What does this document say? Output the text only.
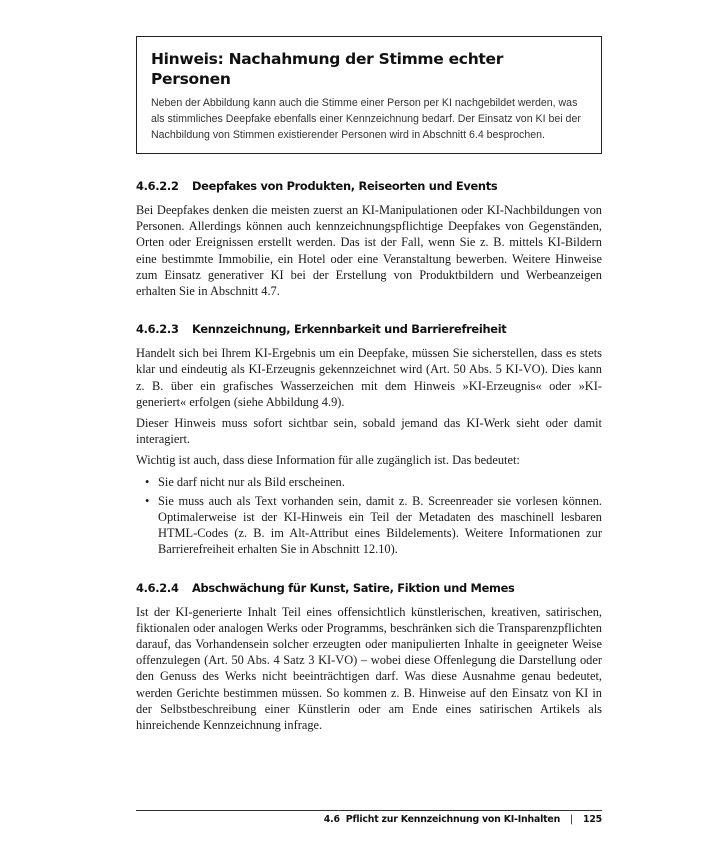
Hinweis: Nachahmung der Stimme echter Personen

Neben der Abbildung kann auch die Stimme einer Person per KI nachgebildet werden, was als stimmliches Deepfake ebenfalls einer Kennzeichnung bedarf. Der Einsatz von KI bei der Nachbildung von Stimmen existierender Personen wird in Abschnitt 6.4 besprochen.

4.6.2.2	Deepfakes von Produkten, Reiseorten und Events

Bei Deepfakes denken die meisten zuerst an KI-Manipulationen oder KI-Nachbildungen von Personen. Allerdings können auch kennzeichnungspflichtige Deepfakes von Gegenständen, Orten oder Ereignissen erstellt werden. Das ist der Fall, wenn Sie z. B. mittels KI-Bildern eine bestimmte Immobilie, ein Hotel oder eine Veranstaltung bewerben. Weitere Hinweise zum Einsatz generativer KI bei der Erstellung von Produktbildern und Werbeanzeigen erhalten Sie in Abschnitt 4.7.

4.6.2.3	Kennzeichnung, Erkennbarkeit und Barrierefreiheit

Handelt sich bei Ihrem KI-Ergebnis um ein Deepfake, müssen Sie sicherstellen, dass es stets klar und eindeutig als KI-Erzeugnis gekennzeichnet wird (Art. 50 Abs. 5 KI-VO). Dies kann z. B. über ein grafisches Wasserzeichen mit dem Hinweis »KI-Erzeugnis« oder »KI-generiert« erfolgen (siehe Abbildung 4.9).

Dieser Hinweis muss sofort sichtbar sein, sobald jemand das KI-Werk sieht oder damit interagiert.

Wichtig ist auch, dass diese Information für alle zugänglich ist. Das bedeutet:

• Sie darf nicht nur als Bild erscheinen.
• Sie muss auch als Text vorhanden sein, damit z. B. Screenreader sie vorlesen können. Optimalerweise ist der KI-Hinweis ein Teil der Metadaten des maschinell lesbaren HTML-Codes (z. B. im Alt-Attribut eines Bildelements). Weitere Informationen zur Barrierefreiheit erhalten Sie in Abschnitt 12.10).
4.6.2.4	Abschwächung für Kunst, Satire, Fiktion und Memes

Ist der KI-generierte Inhalt Teil eines offensichtlich künstlerischen, kreativen, satirischen, fiktionalen oder analogen Werks oder Programms, beschränken sich die Transparenzpflichten darauf, das Vorhandensein solcher erzeugten oder manipulierten Inhalte in geeigneter Weise offenzulegen (Art. 50 Abs. 4 Satz 3 KI-VO) – wobei diese Offenlegung die Darstellung oder den Genuss des Werks nicht beeinträchtigen darf. Was diese Ausnahme genau bedeutet, werden Gerichte bestimmen müssen. So kommen z. B. Hinweise auf den Einsatz von KI in der Selbstbeschreibung einer Künstlerin oder am Ende eines satirischen Artikels als hinreichende Kennzeichnung infrage.

4.6 Pflicht zur Kennzeichnung von KI-Inhalten | 125
